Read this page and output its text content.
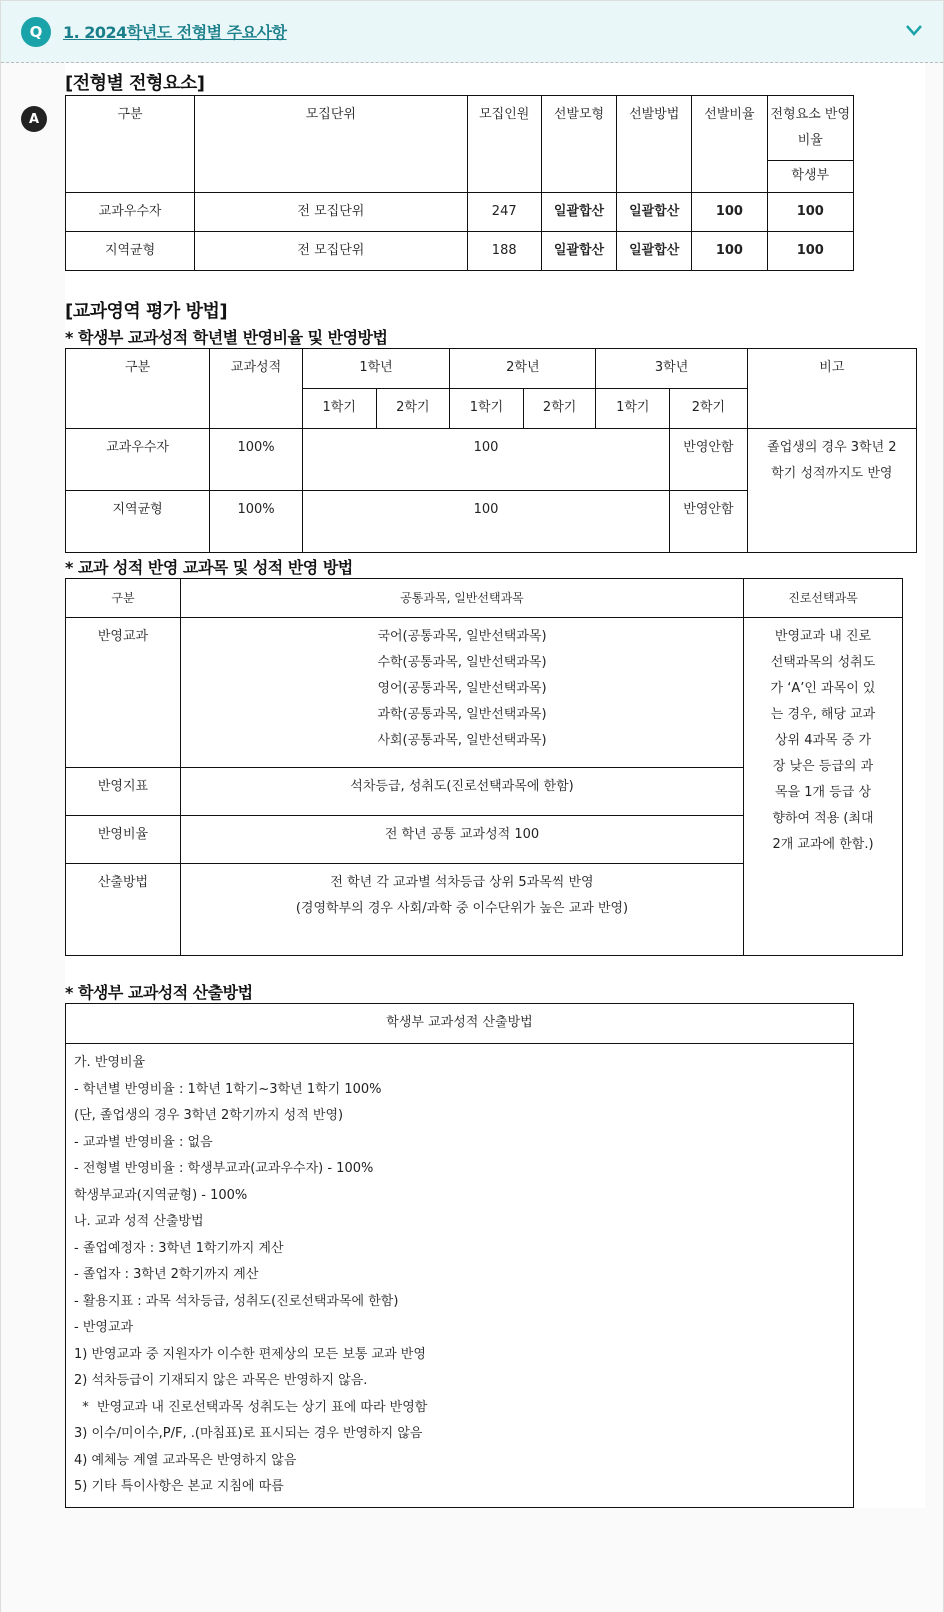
Q	1. 2024학년도 전형별 주요사항
A
[전형별 전형요소]
구분	모집단위	모집인원	선발모형	선발방법	선발비율	전형요소 반영비율
						학생부
교과우수자	전 모집단위	247	일괄합산	일괄합산	100	100
지역균형	전 모집단위	188	일괄합산	일괄합산	100	100
[교과영역 평가 방법]
* 학생부 교과성적 학년별 반영비율 및 반영방법
구분	교과성적	1학년		2학년		3학년		비고
		1학기	2학기	1학기	2학기	1학기	2학기	
교과우수자	100%	100					반영안함	졸업생의 경우 3학년 2학기 성적까지도 반영
지역균형	100%	100					반영안함	
* 교과 성적 반영 교과목 및 성적 반영 방법
구분	공통과목, 일반선택과목	진로선택과목
반영교과	국어(공통과목, 일반선택과목)
수학(공통과목, 일반선택과목)
영어(공통과목, 일반선택과목)
과학(공통과목, 일반선택과목)
사회(공통과목, 일반선택과목)	반영교과 내 진로선택과목의 성취도가 ‘A’인 과목이 있는 경우, 해당 교과 상위 4과목 중 가장 낮은 등급의 과목을 1개 등급 상향하여 적용 (최대 2개 교과에 한함.)
반영지표	석차등급, 성취도(진로선택과목에 한함)	
반영비율	전 학년 공통 교과성적 100	
산출방법	전 학년 각 교과별 석차등급 상위 5과목씩 반영
(경영학부의 경우 사회/과학 중 이수단위가 높은 교과 반영)	
* 학생부 교과성적 산출방법
학생부 교과성적 산출방법

가. 반영비율

- 학년별 반영비율 : 1학년 1학기~3학년 1학기 100%

(단, 졸업생의 경우 3학년 2학기까지 성적 반영)

- 교과별 반영비율 : 없음

- 전형별 반영비율 : 학생부교과(교과우수자) - 100%

학생부교과(지역균형) - 100%

나. 교과 성적 산출방법

- 졸업예정자 : 3학년 1학기까지 계산

- 졸업자 : 3학년 2학기까지 계산

- 활용지표 : 과목 석차등급, 성취도(진로선택과목에 한함)

- 반영교과

1) 반영교과 중 지원자가 이수한 편제상의 모든 보통 교과 반영

2) 석차등급이 기재되지 않은 과목은 반영하지 않음.

*  반영교과 내 진로선택과목 성취도는 상기 표에 따라 반영함

3) 이수/미이수,P/F, .(마침표)로 표시되는 경우 반영하지 않음

4) 예체능 계열 교과목은 반영하지 않음

5) 기타 특이사항은 본교 지침에 따름
